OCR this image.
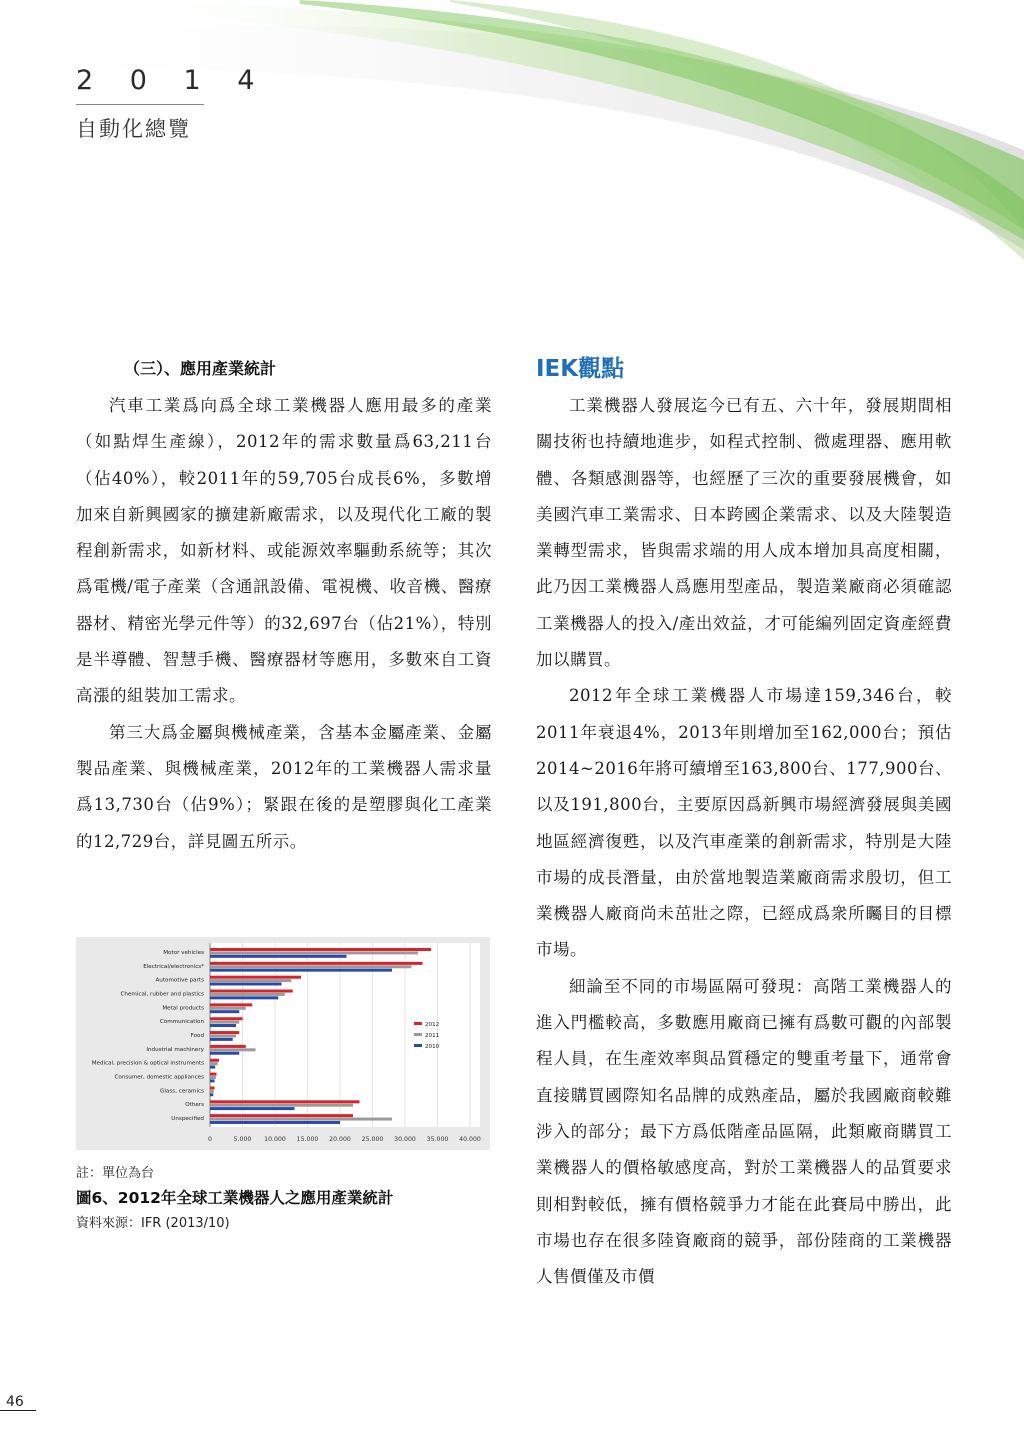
2 0 1 4
自動化總覽
（三）、應用產業統計

汽車工業爲向爲全球工業機器人應用最多的產業（如點焊生產線），2012年的需求數量爲63,211台（佔40%），較2011年的59,705台成長6%，多數增加來自新興國家的擴建新廠需求，以及現代化工廠的製程創新需求，如新材料、或能源效率驅動系統等；其次爲電機/電子產業（含通訊設備、電視機、收音機、醫療器材、精密光學元件等）的32,697台（佔21%），特別是半導體、智慧手機、醫療器材等應用，多數來自工資高漲的組裝加工需求。

第三大爲金屬與機械產業，含基本金屬產業、金屬製品產業、與機械產業，2012年的工業機器人需求量爲13,730台（佔9%）；緊跟在後的是塑膠與化工產業的12,729台，詳見圖五所示。

IEK觀點

工業機器人發展迄今已有五、六十年，發展期間相關技術也持續地進步，如程式控制、微處理器、應用軟體、各類感測器等，也經歷了三次的重要發展機會，如美國汽車工業需求、日本跨國企業需求、以及大陸製造業轉型需求，皆與需求端的用人成本增加具高度相關，此乃因工業機器人爲應用型產品，製造業廠商必須確認工業機器人的投入/產出效益，才可能編列固定資產經費加以購買。

2012年全球工業機器人市場達159,346台，較2011年衰退4%，2013年則增加至162,000台；預估2014~2016年將可續增至163,800台、177,900台、以及191,800台，主要原因爲新興市場經濟發展與美國地區經濟復甦，以及汽車產業的創新需求，特別是大陸市場的成長潛量，由於當地製造業廠商需求殷切，但工業機器人廠商尚未茁壯之際，已經成爲衆所矚目的目標市場。

細論至不同的市場區隔可發現：高階工業機器人的進入門檻較高，多數應用廠商已擁有爲數可觀的內部製程人員，在生產效率與品質穩定的雙重考量下，通常會直接購買國際知名品牌的成熟產品，屬於我國廠商較難涉入的部分；最下方爲低階產品區隔，此類廠商購買工業機器人的價格敏感度高，對於工業機器人的品質要求則相對較低，擁有價格競爭力才能在此賽局中勝出，此市場也存在很多陸資廠商的競爭，部份陸商的工業機器人售價僅及市價

0	5.000 10.000 15.000 20.000 25.000 30.000 35.000 40.000
Motor vehicles
Electrical/electronics*
Automotive parts
Chemical, rubber and plastics
Metal products
Communication
Food
Industrial machinery
Medical, precision & optical instruments
Consumer, domestic appliances
Glass, ceramics
Others
Unspecified
2012
2011
2010
註：單位為台
圖6、2012年全球工業機器人之應用產業統計
資料來源：IFR (2013/10)
46
